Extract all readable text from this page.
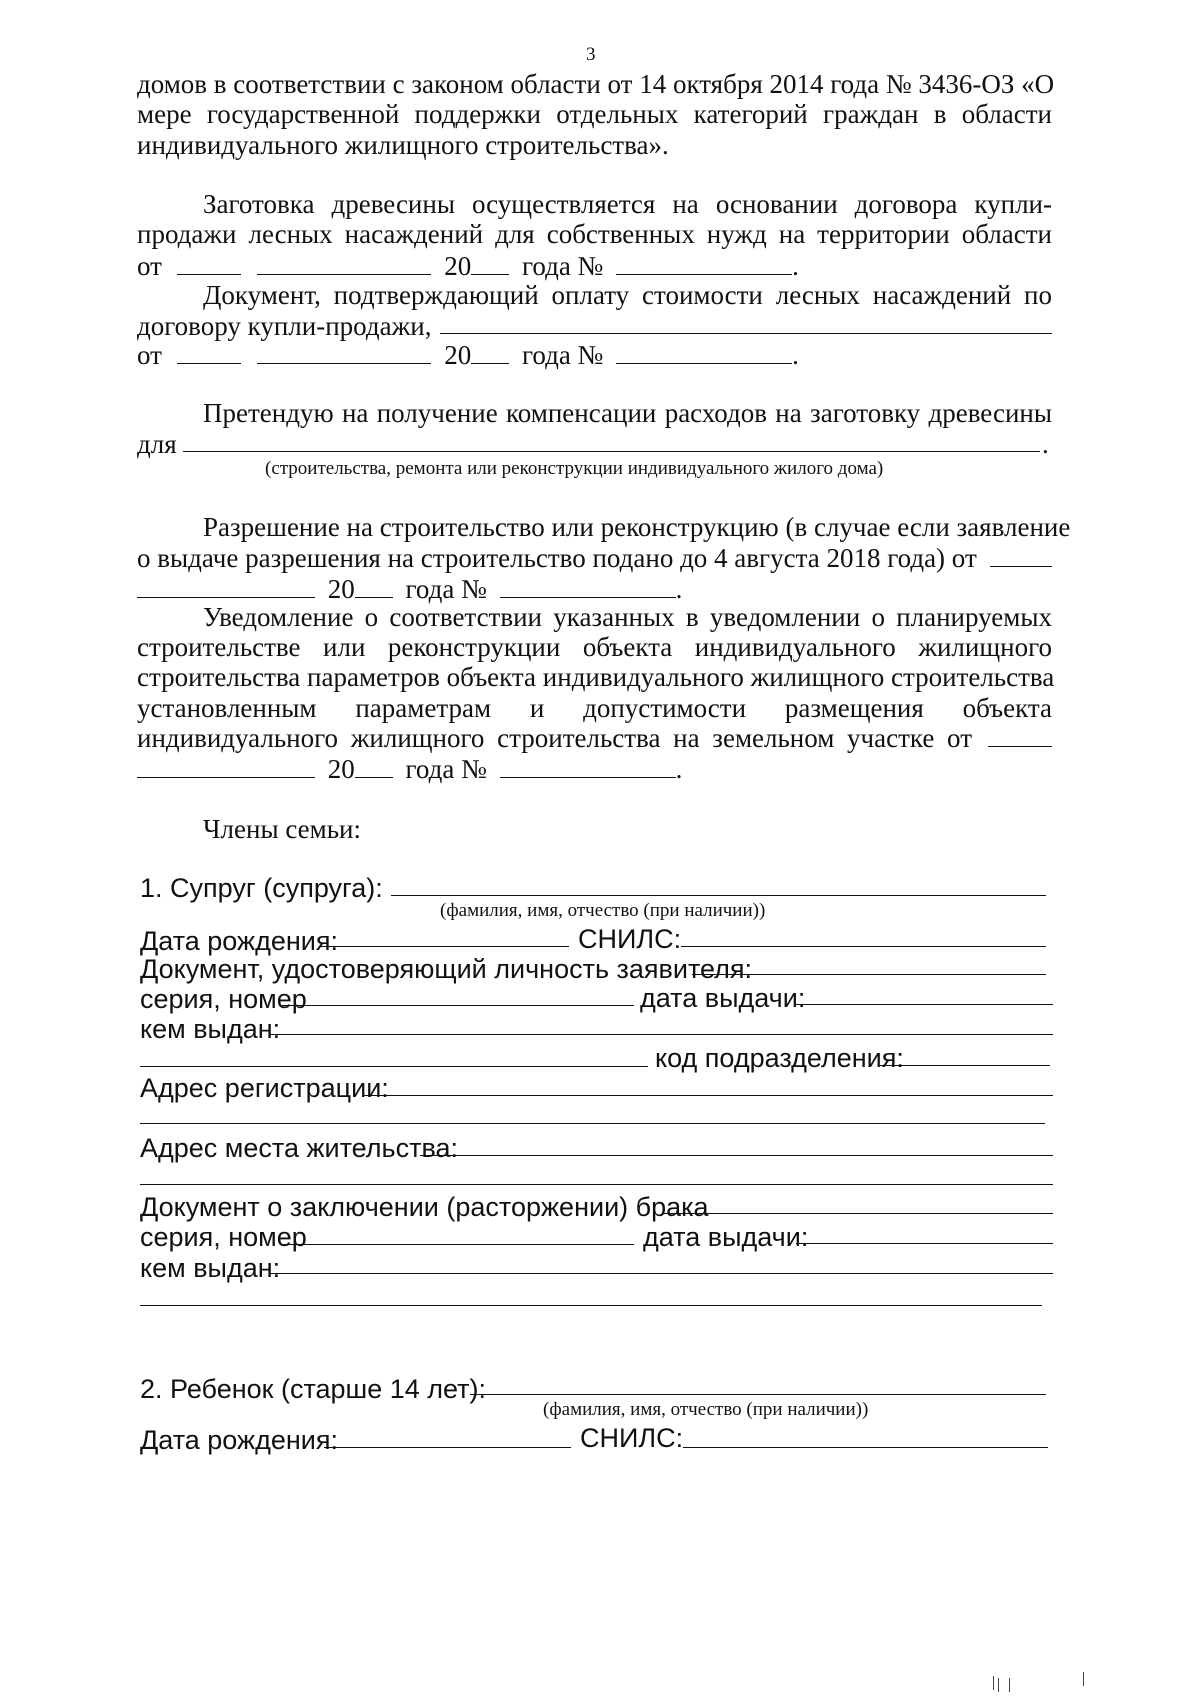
3
домов в соответствии с законом области от 14 октября 2014 года № 3436-ОЗ «О
мере государственной поддержки отдельных категорий граждан в области
индивидуального жилищного строительства».
Заготовка древесины осуществляется на основании договора купли-
продажи лесных насаждений для собственных нужд на территории области
от	20 года №	.
Документ, подтверждающий оплату стоимости лесных насаждений по
договору купли-продажи,
от	20 года №	.
Претендую на получение компенсации расходов на заготовку древесины
для	.
(строительства, ремонта или реконструкции индивидуального жилого дома)
Разрешение на строительство или реконструкцию (в случае если заявление
о выдаче разрешения на строительство подано до 4 августа 2018 года) от
20 года №	.
Уведомление о соответствии указанных в уведомлении о планируемых
строительстве или реконструкции объекта индивидуального жилищного
строительства параметров объекта индивидуального жилищного строительства
установленным параметрам и допустимости размещения объекта
индивидуального жилищного строительства на земельном участке от
20 года №	.
Члены семьи:
1. Супруг (супруга):
(фамилия, имя, отчество (при наличии))
Дата рождения:	СНИЛС:
Документ, удостоверяющий личность заявителя:
серия, номер	дата выдачи:
кем выдан:
код подразделения:
Адрес регистрации:
Адрес места жительства:
Документ о заключении (расторжении) брака
серия, номер	дата выдачи:
кем выдан:
2. Ребенок (старше 14 лет):
(фамилия, имя, отчество (при наличии))
Дата рождения:	СНИЛС:
